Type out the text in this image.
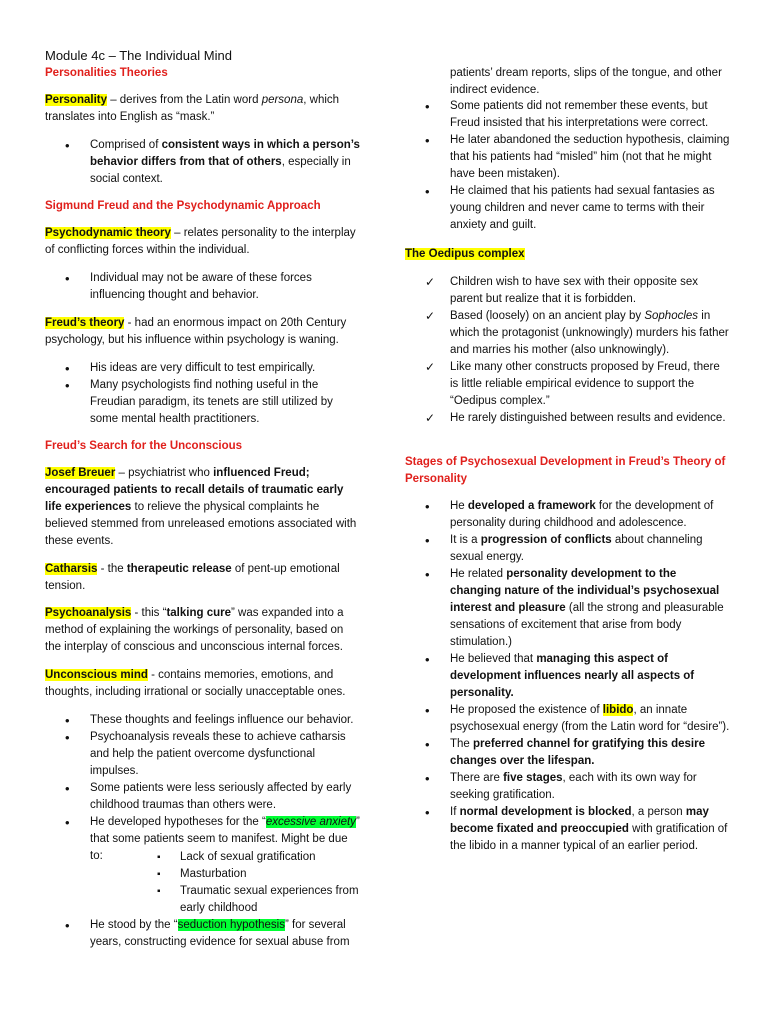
Module 4c – The Individual Mind

Personalities Theories

Personality – derives from the Latin word persona, which translates into English as “mask.”

• Comprised of consistent ways in which a person’s behavior differs from that of others, especially in social context.

Sigmund Freud and the Psychodynamic Approach

Psychodynamic theory – relates personality to the interplay of conflicting forces within the individual.

• Individual may not be aware of these forces influencing thought and behavior.

Freud’s theory - had an enormous impact on 20th Century psychology, but his influence within psychology is waning.

• His ideas are very difficult to test empirically.
• Many psychologists find nothing useful in the Freudian paradigm, its tenets are still utilized by some mental health practitioners.

Freud’s Search for the Unconscious

Josef Breuer – psychiatrist who influenced Freud; encouraged patients to recall details of traumatic early life experiences to relieve the physical complaints he believed stemmed from unreleased emotions associated with these events.

Catharsis - the therapeutic release of pent-up emotional tension.

Psychoanalysis - this “talking cure” was expanded into a method of explaining the workings of personality, based on the interplay of conscious and unconscious internal forces.

Unconscious mind - contains memories, emotions, and thoughts, including irrational or socially unacceptable ones.

• These thoughts and feelings influence our behavior.
• Psychoanalysis reveals these to achieve catharsis and help the patient overcome dysfunctional impulses.
• Some patients were less seriously affected by early childhood traumas than others were.
• He developed hypotheses for the “excessive anxiety” that some patients seem to manifest. Might be due to:
▪	Lack of sexual gratification
▪ Masturbation
▪ Traumatic sexual experiences from early childhood
• He stood by the “seduction hypothesis” for several years, constructing evidence for sexual abuse from

patients’ dream reports, slips of the tongue, and other indirect evidence.

• Some patients did not remember these events, but Freud insisted that his interpretations were correct.
• He later abandoned the seduction hypothesis, claiming that his patients had “misled” him (not that he might have been mistaken).
• He claimed that his patients had sexual fantasies as young children and never came to terms with their anxiety and guilt.

The Oedipus complex

✓ Children wish to have sex with their opposite sex parent but realize that it is forbidden.
✓ Based (loosely) on an ancient play by Sophocles in which the protagonist (unknowingly) murders his father and marries his mother (also unknowingly).
✓ Like many other constructs proposed by Freud, there is little reliable empirical evidence to support the “Oedipus complex.”
✓ He rarely distinguished between results and evidence.

Stages of Psychosexual Development in Freud’s Theory of Personality

• He developed a framework for the development of personality during childhood and adolescence.
• It is a progression of conflicts about channeling sexual energy.
• He related personality development to the changing nature of the individual’s psychosexual interest and pleasure (all the strong and pleasurable sensations of excitement that arise from body stimulation.)
• He believed that managing this aspect of development influences nearly all aspects of personality.
• He proposed the existence of libido, an innate psychosexual energy (from the Latin word for “desire”).
• The preferred channel for gratifying this desire changes over the lifespan.
• There are five stages, each with its own way for seeking gratification.
• If normal development is blocked, a person may become fixated and preoccupied with gratification of the libido in a manner typical of an earlier period.
